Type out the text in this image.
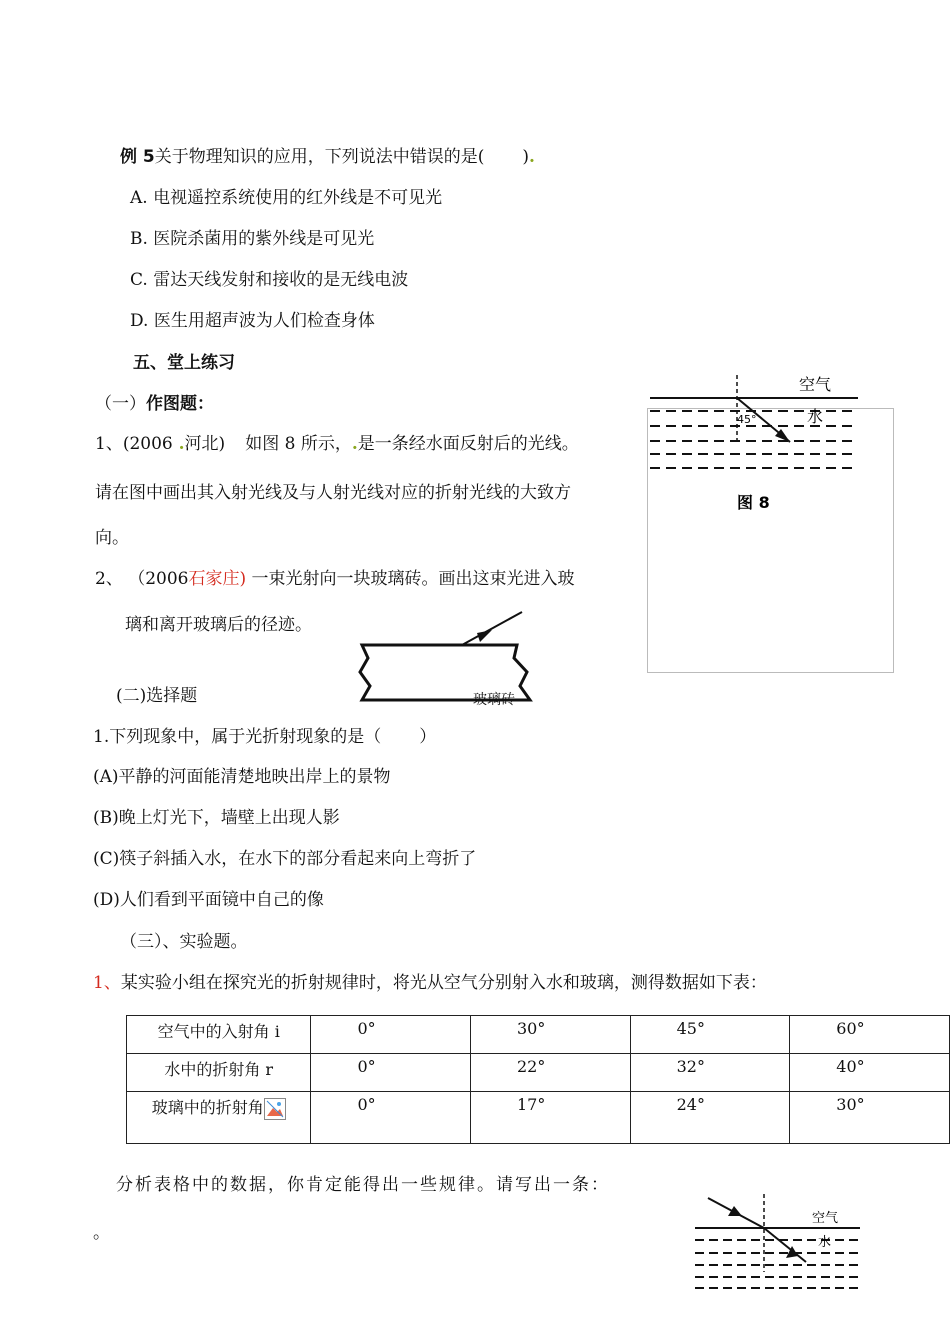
例 5关于物理知识的应用，下列说法中错误的是( ).
A. 电视遥控系统使用的红外线是不可见光
B. 医院杀菌用的紫外线是可见光
C. 雷达天线发射和接收的是无线电波
D. 医生用超声波为人们检查身体
五、堂上练习
（一）作图题：
1、(2006 .河北) 如图 8 所示，.是一条经水面反射后的光线。
请在图中画出其入射光线及与人射光线对应的折射光线的大致方
向。
2、 （2006石家庄) 一束光射向一块玻璃砖。画出这束光进入玻
璃和离开玻璃后的径迹。
空气
水
45°
图 8
玻璃砖
(二)选择题
1.下列现象中，属于光折射现象的是（ ）
(A)平静的河面能清楚地映出岸上的景物
(B)晚上灯光下，墙壁上出现人影
(C)筷子斜插入水，在水下的部分看起来向上弯折了
(D)人们看到平面镜中自己的像
（三）、实验题。
1、某实验小组在探究光的折射规律时，将光从空气分别射入水和玻璃，测得数据如下表：
空气中的入射角 i	0°	30°	45°	60°
水中的折射角 r	0°	22°	32°	40°
玻璃中的折射角	0°	17°	24°	30°
分析表格中的数据，你肯定能得出一些规律。请写出一条：
。
空气
水
